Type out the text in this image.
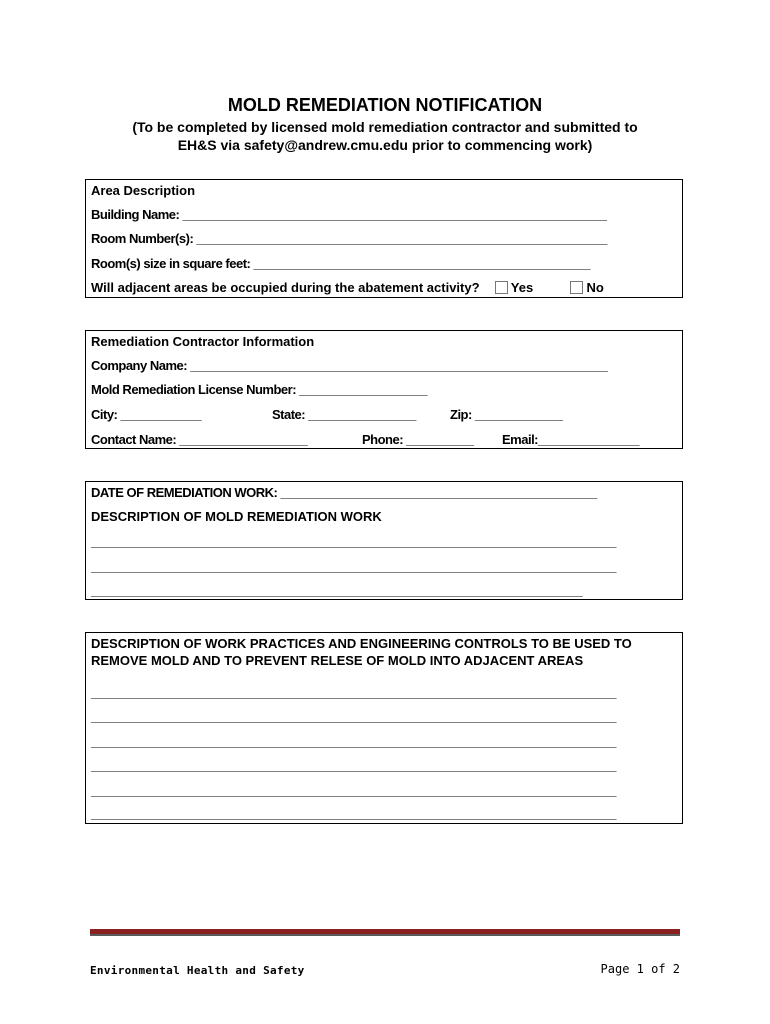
MOLD REMEDIATION NOTIFICATION
(To be completed by licensed mold remediation contractor and submitted to
EH&S via safety@andrew.cmu.edu prior to commencing work)
Area Description
Building Name: _______________________________________________________________
Room Number(s): _____________________________________________________________
Room(s) size in square feet: __________________________________________________
Will adjacent areas be occupied during the abatement activity? Yes	No
Remediation Contractor Information
Company Name: ______________________________________________________________
Mold Remediation License Number: ___________________
City: ____________	State: ________________	Zip: _____________
Contact Name: ___________________	Phone: __________ Email:_______________
DATE OF REMEDIATION WORK: _______________________________________________
DESCRIPTION OF MOLD REMEDIATION WORK
______________________________________________________________________________
______________________________________________________________________________
_________________________________________________________________________
DESCRIPTION OF WORK PRACTICES AND ENGINEERING CONTROLS TO BE USED TO
REMOVE MOLD AND TO PREVENT RELESE OF MOLD INTO ADJACENT AREAS
______________________________________________________________________________
______________________________________________________________________________
______________________________________________________________________________
______________________________________________________________________________
______________________________________________________________________________
______________________________________________________________________________
Environmental Health and Safety	Page 1 of 2
